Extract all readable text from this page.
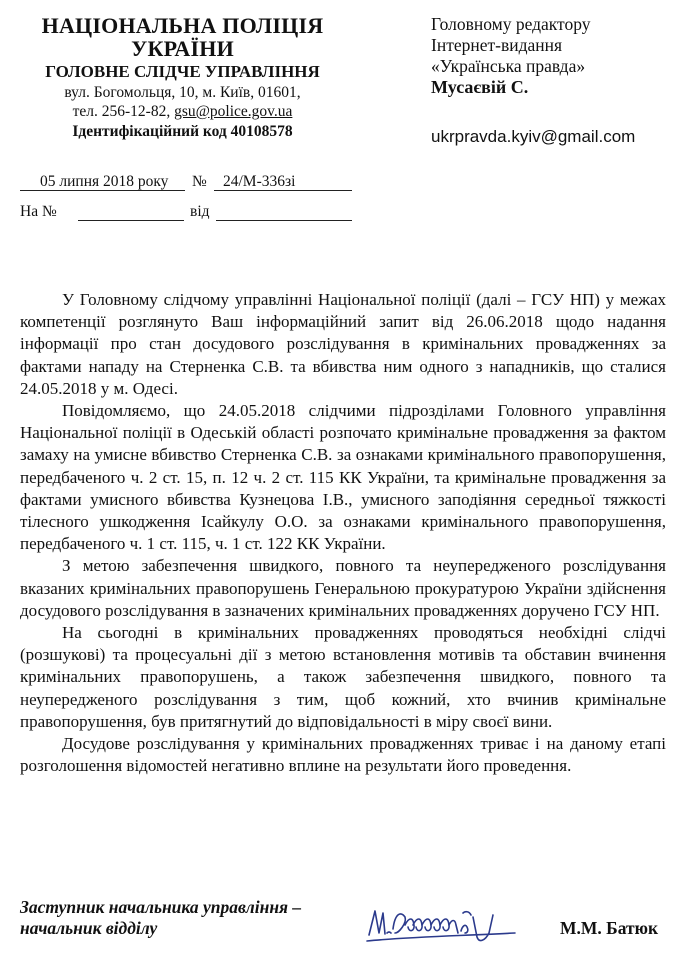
НАЦІОНАЛЬНА ПОЛІЦІЯ
УКРАЇНИ
ГОЛОВНЕ СЛІДЧЕ УПРАВЛІННЯ
вул. Богомольця, 10, м. Київ, 01601,
тел. 256-12-82, gsu@police.gov.ua
Ідентифікаційний код 40108578
Головному редактору
Інтернет-видання
«Українська правда»
Мусаєвій С.
ukrpravda.kyiv@gmail.com
05 липня 2018 року № 24/М-336зі
На №	від

У Головному слідчому управлінні Національної поліції (далі – ГСУ НП) у межах компетенції розглянуто Ваш інформаційний запит від 26.06.2018 щодо надання інформації про стан досудового розслідування в кримінальних провадженнях за фактами нападу на Стерненка С.В. та вбивства ним одного з нападників, що сталися 24.05.2018 у м. Одесі.

Повідомляємо, що 24.05.2018 слідчими підрозділами Головного управління Національної поліції в Одеській області розпочато кримінальне провадження за фактом замаху на умисне вбивство Стерненка С.В. за ознаками кримінального правопорушення, передбаченого ч. 2 ст. 15, п. 12 ч. 2 ст. 115 КК України, та кримінальне провадження за фактами умисного вбивства Кузнецова І.В., умисного заподіяння середньої тяжкості тілесного ушкодження Ісайкулу О.О. за ознаками кримінального правопорушення, передбаченого ч. 1 ст. 115, ч. 1 ст. 122 КК України.

З метою забезпечення швидкого, повного та неупередженого розслідування вказаних кримінальних правопорушень Генеральною прокуратурою України здійснення досудового розслідування в зазначених кримінальних провадженнях доручено ГСУ НП.

На сьогодні в кримінальних провадженнях проводяться необхідні слідчі (розшукові) та процесуальні дії з метою встановлення мотивів та обставин вчинення кримінальних правопорушень, а також забезпечення швидкого, повного та неупередженого розслідування з тим, щоб кожний, хто вчинив кримінальне правопорушення, був притягнутий до відповідальності в міру своєї вини.

Досудове розслідування у кримінальних провадженнях триває і на даному етапі розголошення відомостей негативно вплине на результати його проведення.

Заступник начальника управління –
начальник відділу	М.М. Батюк
